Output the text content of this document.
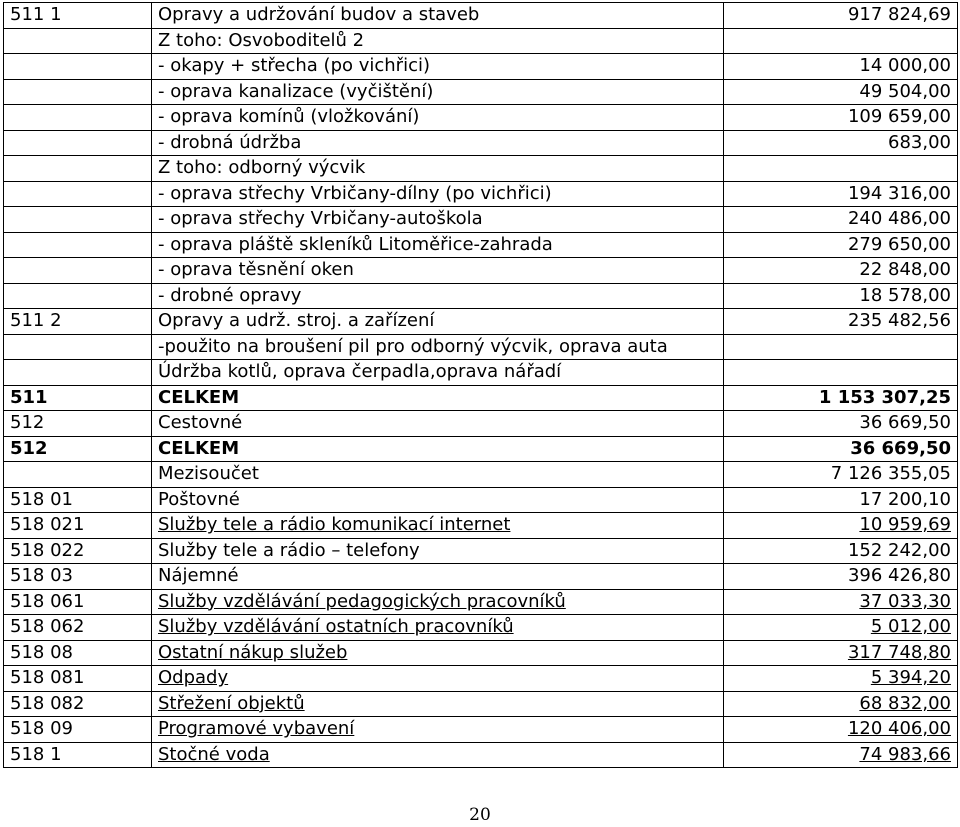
511 1	Opravy a udržování budov a staveb	917 824,69
	Z toho: Osvoboditelů 2	
	- okapy + střecha (po vichřici)	14 000,00
	- oprava kanalizace (vyčištění)	49 504,00
	- oprava komínů (vložkování)	109 659,00
	- drobná údržba	683,00
	Z toho: odborný výcvik	
	- oprava střechy Vrbičany-dílny (po vichřici)	194 316,00
	- oprava střechy Vrbičany-autoškola	240 486,00
	- oprava pláště skleníků Litoměřice-zahrada	279 650,00
	- oprava těsnění oken	22 848,00
	- drobné opravy	18 578,00
511 2	Opravy a udrž. stroj. a zařízení	235 482,56
	-použito na broušení pil pro odborný výcvik, oprava auta	
	Údržba kotlů, oprava čerpadla,oprava nářadí	
511	CELKEM	1 153 307,25
512	Cestovné	36 669,50
512	CELKEM	36 669,50
	Mezisoučet	7 126 355,05
518 01	Poštovné	17 200,10
518 021	Služby tele a rádio komunikací internet	10 959,69
518 022	Služby tele a rádio – telefony	152 242,00
518 03	Nájemné	396 426,80
518 061	Služby vzdělávání pedagogických pracovníků	37 033,30
518 062	Služby vzdělávání ostatních pracovníků	5 012,00
518 08	Ostatní nákup služeb	317 748,80
518 081	Odpady	5 394,20
518 082	Střežení objektů	68 832,00
518 09	Programové vybavení	120 406,00
518 1	Stočné voda	74 983,66
20
